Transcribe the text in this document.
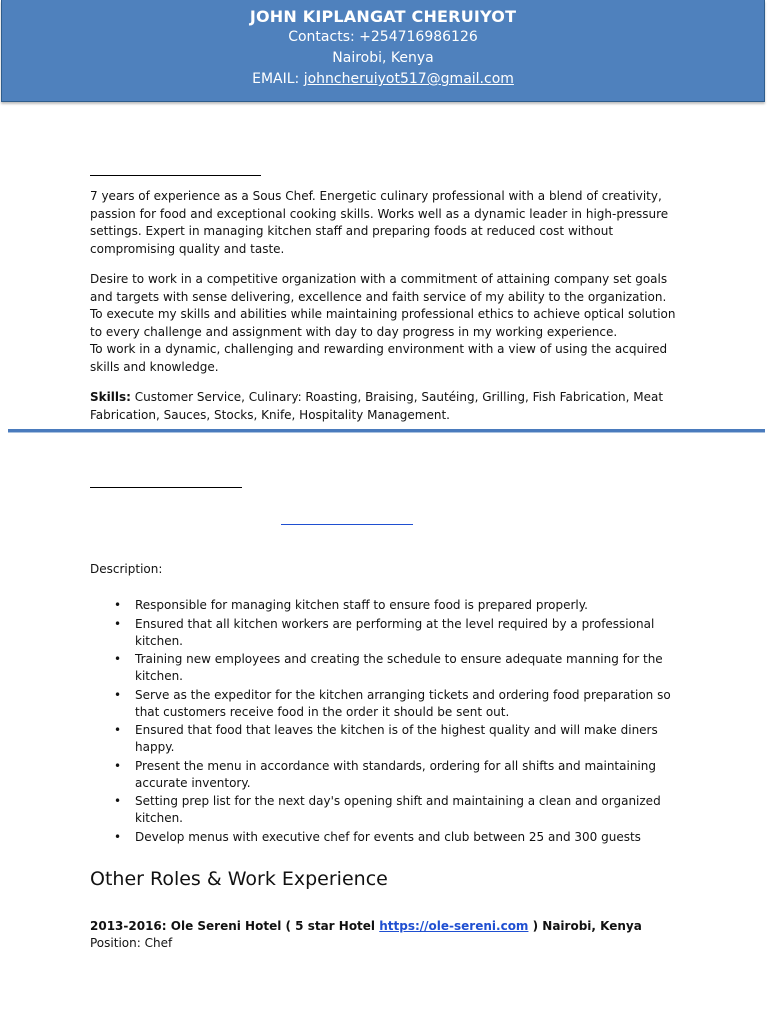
JOHN KIPLANGAT CHERUIYOT
Contacts: +254716986126
Nairobi, Kenya
EMAIL: johncheruiyot517@gmail.com
7 years of experience as a Sous Chef. Energetic culinary professional with a blend of creativity, passion for food and exceptional cooking skills. Works well as a dynamic leader in high-pressure settings. Expert in managing kitchen staff and preparing foods at reduced cost without compromising quality and taste.
Desire to work in a competitive organization with a commitment of attaining company set goals and targets with sense delivering, excellence and faith service of my ability to the organization. To execute my skills and abilities while maintaining professional ethics to achieve optical solution to every challenge and assignment with day to day progress in my working experience.
To work in a dynamic, challenging and rewarding environment with a view of using the acquired skills and knowledge.
Skills: Customer Service, Culinary: Roasting, Braising, Sautéing, Grilling, Fish Fabrication, Meat Fabrication, Sauces, Stocks, Knife, Hospitality Management.
Description:
• Responsible for managing kitchen staff to ensure food is prepared properly.
• Ensured that all kitchen workers are performing at the level required by a professional kitchen.
• Training new employees and creating the schedule to ensure adequate manning for the kitchen.
• Serve as the expeditor for the kitchen arranging tickets and ordering food preparation so that customers receive food in the order it should be sent out.
• Ensured that food that leaves the kitchen is of the highest quality and will make diners happy.
• Present the menu in accordance with standards, ordering for all shifts and maintaining accurate inventory.
• Setting prep list for the next day's opening shift and maintaining a clean and organized kitchen.
• Develop menus with executive chef for events and club between 25 and 300 guests
Other Roles & Work Experience
2013-2016: Ole Sereni Hotel ( 5 star Hotel https://ole-sereni.com ) Nairobi, Kenya
Position: Chef
